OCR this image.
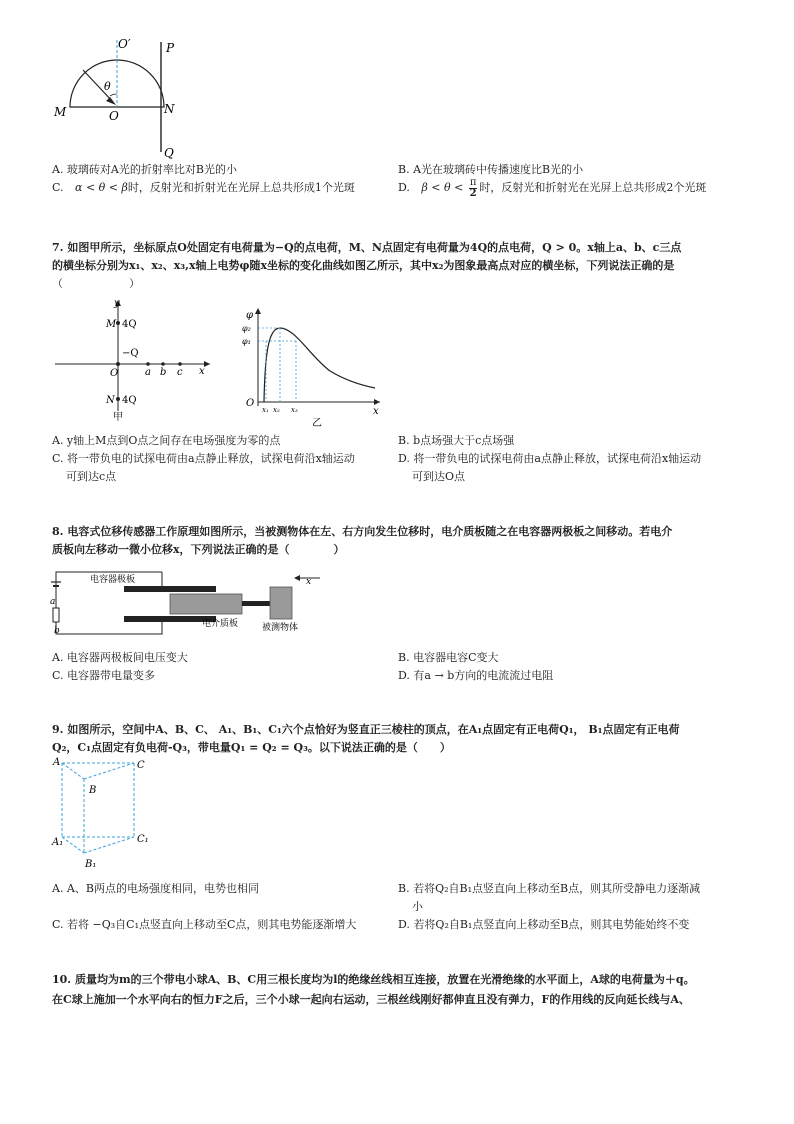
O′	P
θ
M	O	N
Q
A. 玻璃砖对A光的折射率比对B光的小	B. A光在玻璃砖中传播速度比B光的小
C. α < θ < β时，反射光和折射光在光屏上总共形成1个光斑	D. $\beta < \theta < \frac{\pi}{2}$ 时，反射光和折射光在光屏上总共形成2个光斑
7. 如图甲所示，坐标原点O处固定有电荷量为−Q的点电荷，M、N点固定有电荷量为4Q的点电荷，Q > 0。x轴上a、b、c三点
的横坐标分别为x₁、x₂、x₃,x轴上电势φ随x坐标的变化曲线如图乙所示，其中x₂为图象最高点对应的横坐标，下列说法正确的是
（　　　　　　）
y
M 4Q
−Q
O	a b c x
N 4Q
甲
φ
φ₂
φ₁
O
x₁ x₂ x₃	x
乙
A. y轴上M点到O点之间存在电场强度为零的点	B. b点场强大于c点场强
C. 将一带负电的试探电荷由a点静止释放，试探电荷沿x轴运动
可到达c点
D. 将一带负电的试探电荷由a点静止释放，试探电荷沿x轴运动
可到达O点
8. 电容式位移传感器工作原理如图所示，当被测物体在左、右方向发生位移时，电介质板随之在电容器两极板之间移动。若电介
质板向左移动一微小位移x，下列说法正确的是（　　　　）
电容器极板
电介质板	被测物体
a
b
x
A. 电容器两极板间电压变大	B. 电容器电容C变大
C. 电容器带电量变多	D. 有a → b方向的电流流过电阻
9. 如图所示，空间中A、B、C、 A₁、B₁、C₁六个点恰好为竖直正三棱柱的顶点，在A₁点固定有正电荷Q₁， B₁点固定有正电荷
Q₂，C₁点固定有负电荷-Q₃，带电量Q₁ = Q₂ = Q₃。以下说法正确的是（　　）
A	C
B
A₁	C₁
B₁
A. A、B两点的电场强度相同，电势也相同	B. 若将Q₂自B₁点竖直向上移动至B点，则其所受静电力逐渐减
小
C. 若将 −Q₃自C₁点竖直向上移动至C点，则其电势能逐渐增大	D. 若将Q₂自B₁点竖直向上移动至B点，则其电势能始终不变
10. 质量均为m的三个带电小球A、B、C用三根长度均为l的绝缘丝线相互连接，放置在光滑绝缘的水平面上，A球的电荷量为＋q。
在C球上施加一个水平向右的恒力F之后，三个小球一起向右运动，三根丝线刚好都伸直且没有弹力，F的作用线的反向延长线与A、
